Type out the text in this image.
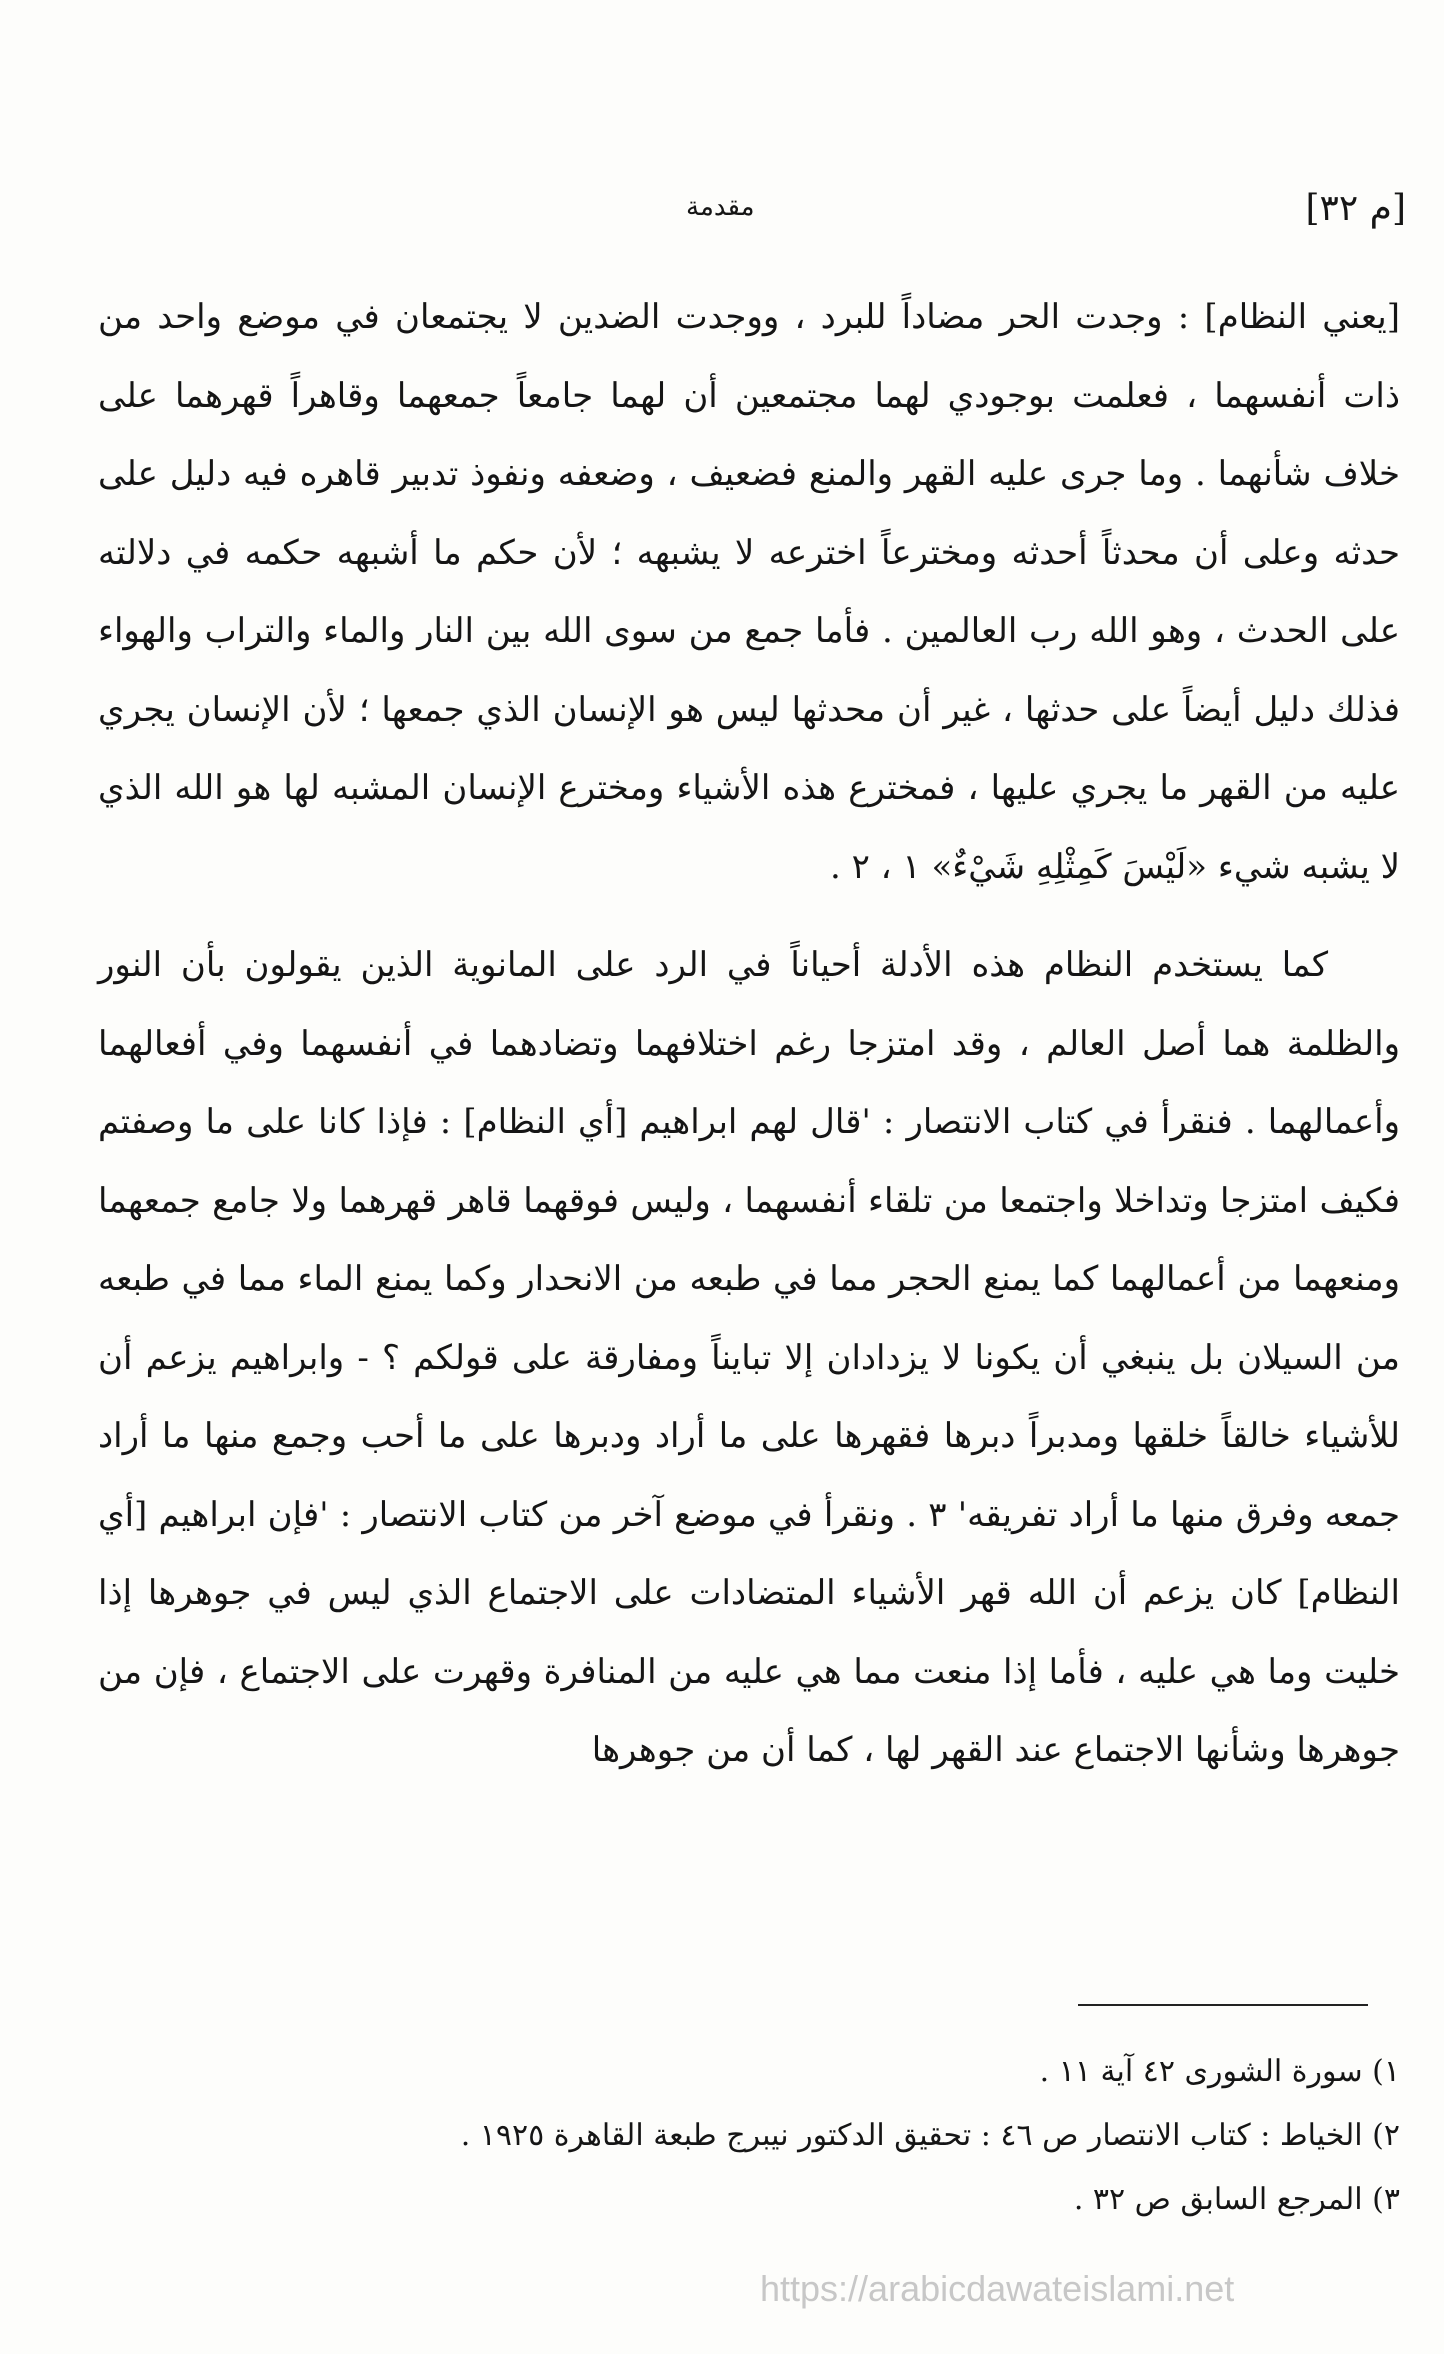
مقدمة	[م ٣٢]

[يعني النظام] : وجدت الحر مضاداً للبرد ، ووجدت الضدين لا يجتمعان في موضع واحد من ذات أنفسهما ، فعلمت بوجودي لهما مجتمعين أن لهما جامعاً جمعهما وقاهراً قهرهما على خلاف شأنهما . وما جرى عليه القهر والمنع فضعيف ، وضعفه ونفوذ تدبير قاهره فيه دليل على حدثه وعلى أن محدثاً أحدثه ومخترعاً اخترعه لا يشبهه ؛ لأن حكم ما أشبهه حكمه في دلالته على الحدث ، وهو الله رب العالمين . فأما جمع من سوى الله بين النار والماء والتراب والهواء فذلك دليل أيضاً على حدثها ، غير أن محدثها ليس هو الإنسان الذي جمعها ؛ لأن الإنسان يجري عليه من القهر ما يجري عليها ، فمخترع هذه الأشياء ومخترع الإنسان المشبه لها هو الله الذي لا يشبه شيء «لَيْسَ كَمِثْلِهِ شَيْءٌ» ١ ، ٢ .

كما يستخدم النظام هذه الأدلة أحياناً في الرد على المانوية الذين يقولون بأن النور والظلمة هما أصل العالم ، وقد امتزجا رغم اختلافهما وتضادهما في أنفسهما وفي أفعالهما وأعمالهما . فنقرأ في كتاب الانتصار : 'قال لهم ابراهيم [أي النظام] : فإذا كانا على ما وصفتم فكيف امتزجا وتداخلا واجتمعا من تلقاء أنفسهما ، وليس فوقهما قاهر قهرهما ولا جامع جمعهما ومنعهما من أعمالهما كما يمنع الحجر مما في طبعه من الانحدار وكما يمنع الماء مما في طبعه من السيلان بل ينبغي أن يكونا لا يزدادان إلا تبايناً ومفارقة على قولكم ؟ - وابراهيم يزعم أن للأشياء خالقاً خلقها ومدبراً دبرها فقهرها على ما أراد ودبرها على ما أحب وجمع منها ما أراد جمعه وفرق منها ما أراد تفريقه' ٣ . ونقرأ في موضع آخر من كتاب الانتصار : 'فإن ابراهيم [أي النظام] كان يزعم أن الله قهر الأشياء المتضادات على الاجتماع الذي ليس في جوهرها إذا خليت وما هي عليه ، فأما إذا منعت مما هي عليه من المنافرة وقهرت على الاجتماع ، فإن من جوهرها وشأنها الاجتماع عند القهر لها ، كما أن من جوهرها

١) سورة الشورى ٤٢ آية ١١ .

٢) الخياط : كتاب الانتصار ص ٤٦ : تحقيق الدكتور نيبرج طبعة القاهرة ١٩٢٥ .

٣) المرجع السابق ص ٣٢ .

https://arabicdawateislami.net
